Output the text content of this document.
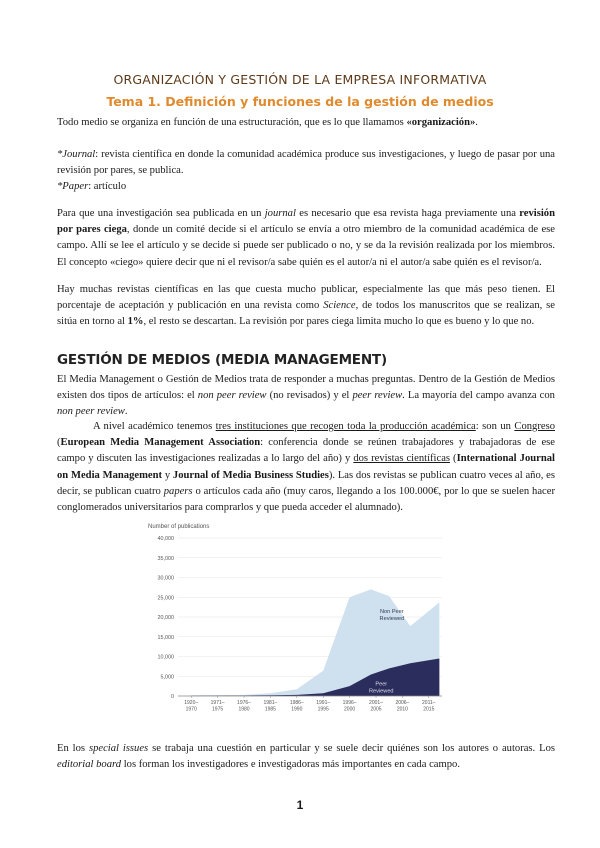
ORGANIZACIÓN Y GESTIÓN DE LA EMPRESA INFORMATIVA
Tema 1. Definición y funciones de la gestión de medios

Todo medio se organiza en función de una estructuración, que es lo que llamamos «organización».

*Journal: revista científica en donde la comunidad académica produce sus investigaciones, y luego de pasar por una revisión por pares, se publica.

*Paper: artículo

Para que una investigación sea publicada en un journal es necesario que esa revista haga previamente una revisión por pares ciega, donde un comité decide si el artículo se envía a otro miembro de la comunidad académica de ese campo. Allí se lee el artículo y se decide si puede ser publicado o no, y se da la revisión realizada por los miembros. El concepto «ciego» quiere decir que ni el revisor/a sabe quién es el autor/a ni el autor/a sabe quién es el revisor/a.

Hay muchas revistas científicas en las que cuesta mucho publicar, especialmente las que más peso tienen. El porcentaje de aceptación y publicación en una revista como Science, de todos los manuscritos que se realizan, se sitúa en torno al 1%, el resto se descartan. La revisión por pares ciega limita mucho lo que es bueno y lo que no.

GESTIÓN DE MEDIOS (MEDIA MANAGEMENT)

El Media Management o Gestión de Medios trata de responder a muchas preguntas. Dentro de la Gestión de Medios existen dos tipos de artículos: el non peer review (no revisados) y el peer review. La mayoría del campo avanza con non peer review.

A nivel académico tenemos tres instituciones que recogen toda la producción académica: son un Congreso (European Media Management Association: conferencia donde se reúnen trabajadores y trabajadoras de ese campo y discuten las investigaciones realizadas a lo largo del año) y dos revistas científicas (International Journal on Media Management y Journal of Media Business Studies). Las dos revistas se publican cuatro veces al año, es decir, se publican cuatro papers o artículos cada año (muy caros, llegando a los 100.000€, por lo que se suelen hacer conglomerados universitarios para comprarlos y que pueda acceder el alumnado).

Number of publications
0
5,000
10,000
15,000
20,000
25,000
30,000
35,000
40,000
Non Peer
Reviewed
Peer
Reviewed
1920–
1970
1971–
1975
1976–
1980
1981–
1985
1986–
1990
1991–
1995
1996–
2000
2001–
2005
2006–
2010
2011–
2015

En los special issues se trabaja una cuestión en particular y se suele decir quiénes son los autores o autoras. Los editorial board los forman los investigadores e investigadoras más importantes en cada campo.

1
